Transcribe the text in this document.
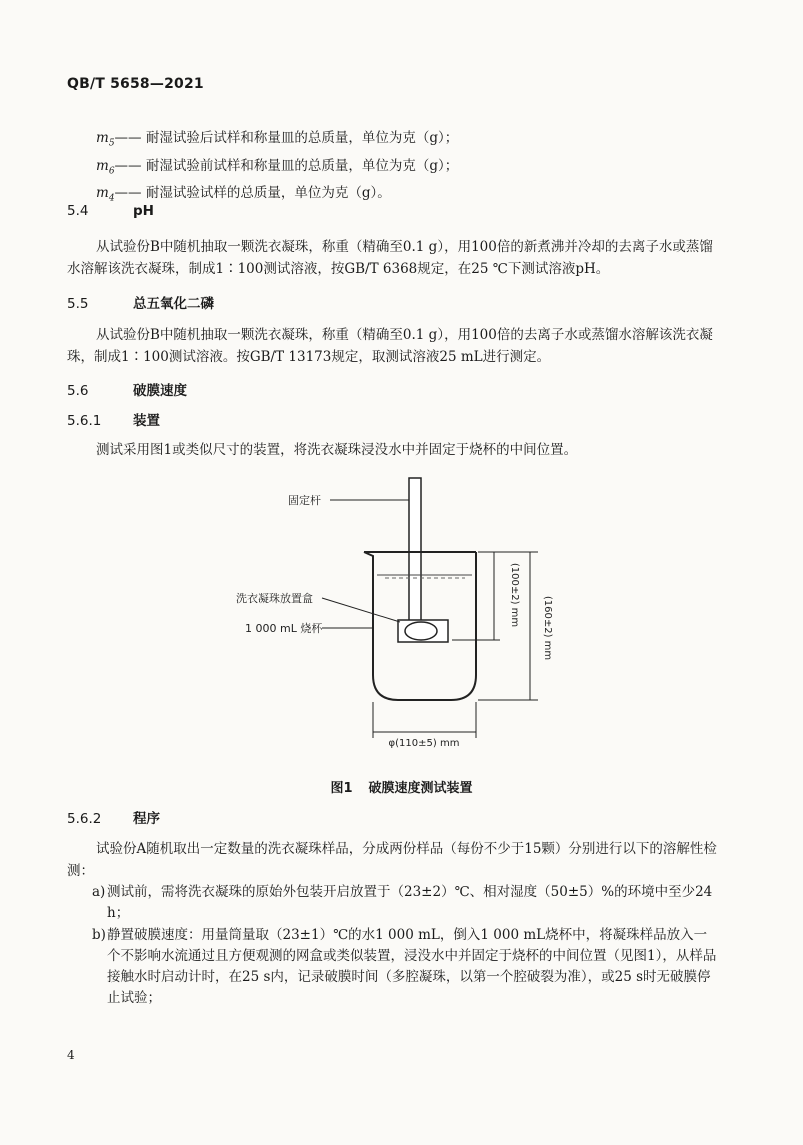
QB/T 5658—2021
$m_5——$ 耐湿试验后试样和称量皿的总质量，单位为克（g）；
$m_6——$ 耐湿试验前试样和称量皿的总质量，单位为克（g）；
$m_4——$ 耐湿试验试样的总质量，单位为克（g）。
5.4	pH
从试验份B中随机抽取一颗洗衣凝珠，称重（精确至0.1 g），用100倍的新煮沸并冷却的去离子水或蒸馏水溶解该洗衣凝珠，制成1∶100测试溶液，按GB/T 6368规定，在25 ℃下测试溶液pH。
5.5	总五氧化二磷
从试验份B中随机抽取一颗洗衣凝珠，称重（精确至0.1 g），用100倍的去离子水或蒸馏水溶解该洗衣凝珠，制成1∶100测试溶液。按GB/T 13173规定，取测试溶液25 mL进行测定。
5.6	破膜速度
5.6.1 装置
测试采用图1或类似尺寸的装置，将洗衣凝珠浸没水中并固定于烧杯的中间位置。
固定杆
洗衣凝珠放置盒
1 000 mL 烧杯
(100±2) mm
(160±2) mm
φ(110±5) mm
图1 破膜速度测试装置
5.6.2 程序
试验份A随机取出一定数量的洗衣凝珠样品，分成两份样品（每份不少于15颗）分别进行以下的溶解性检测：
a) 测试前，需将洗衣凝珠的原始外包装开启放置于（23±2）℃、相对湿度（50±5）%的环境中至少24 h；
b) 静置破膜速度：用量筒量取（23±1）℃的水1 000 mL，倒入1 000 mL烧杯中，将凝珠样品放入一个不影响水流通过且方便观测的网盒或类似装置，浸没水中并固定于烧杯的中间位置（见图1），从样品接触水时启动计时，在25 s内，记录破膜时间（多腔凝珠，以第一个腔破裂为准），或25 s时无破膜停止试验；
4
